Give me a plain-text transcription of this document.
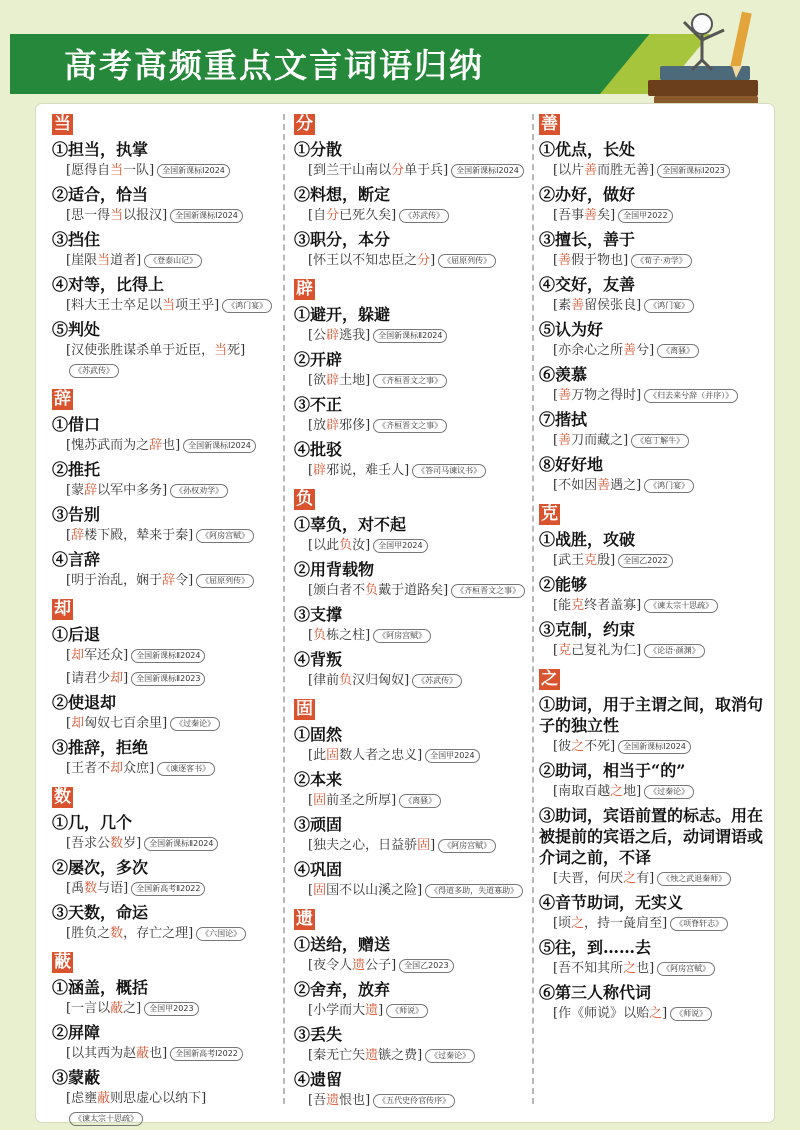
高考高频重点文言词语归纳
当
①担当，执掌
[愿得自当一队] 全国新课标Ⅰ2024
②适合，恰当
[思一得当以报汉] 全国新课标Ⅰ2024
③挡住
[崖限当道者] 《登泰山记》
④对等，比得上
[料大王士卒足以当项王乎] 《鸿门宴》
⑤判处
[汉使张胜谋杀单于近臣，当死]《苏武传》
辞
①借口
[愧苏武而为之辞也] 全国新课标Ⅰ2024
②推托
[蒙辞以军中多务] 《孙权劝学》
③告别
[辞楼下殿，辇来于秦] 《阿房宫赋》
④言辞
[明于治乱，娴于辞令] 《屈原列传》
却
①后退
[却军还众] 全国新课标Ⅱ2024
[请君少却] 全国新课标Ⅱ2023
②使退却
[却匈奴七百余里] 《过秦论》
③推辞，拒绝
[王者不却众庶] 《谏逐客书》
数
①几，几个
[吾求公数岁] 全国新课标Ⅱ2024
②屡次，多次
[禹数与语] 全国新高考Ⅱ2022
③天数，命运
[胜负之数，存亡之理] 《六国论》
蔽
①涵盖，概括
[一言以蔽之] 全国甲2023
②屏障
[以其西为赵蔽也] 全国新高考Ⅰ2022
③蒙蔽
[虑壅蔽则思虚心以纳下]《谏太宗十思疏》
分
①分散
[到兰干山南以分单于兵] 全国新课标Ⅰ2024
②料想，断定
[自分已死久矣] 《苏武传》
③职分，本分
[怀王以不知忠臣之分] 《屈原列传》
辟
①避开，躲避
[公辟逃我] 全国新课标Ⅱ2024
②开辟
[欲辟土地] 《齐桓晋文之事》
③不正
[放辟邪侈] 《齐桓晋文之事》
④批驳
[辟邪说，难壬人] 《答司马谏议书》
负
①辜负，对不起
[以此负汝] 全国甲2024
②用背载物
[颁白者不负戴于道路矣] 《齐桓晋文之事》
③支撑
[负栋之柱] 《阿房宫赋》
④背叛
[律前负汉归匈奴] 《苏武传》
固
①固然
[此固数人者之忠义] 全国甲2024
②本来
[固前圣之所厚] 《离骚》
③顽固
[独夫之心，日益骄固] 《阿房宫赋》
④巩固
[固国不以山溪之险] 《得道多助，失道寡助》
遗
①送给，赠送
[夜令人遗公子] 全国乙2023
②舍弃，放弃
[小学而大遗] 《师说》
③丢失
[秦无亡矢遗镞之费] 《过秦论》
④遗留
[吾遗恨也] 《五代史伶官传序》
善
①优点，长处
[以片善而胜无善] 全国新课标Ⅰ2023
②办好，做好
[吾事善矣] 全国甲2022
③擅长，善于
[善假于物也] 《荀子·劝学》
④交好，友善
[素善留侯张良] 《鸿门宴》
⑤认为好
[亦余心之所善兮] 《离骚》
⑥羡慕
[善万物之得时] 《归去来兮辞（并序）》
⑦揩拭
[善刀而藏之] 《庖丁解牛》
⑧好好地
[不如因善遇之] 《鸿门宴》
克
①战胜，攻破
[武王克殷] 全国乙2022
②能够
[能克终者盖寡] 《谏太宗十思疏》
③克制，约束
[克己复礼为仁] 《论语·颜渊》
之
①助词，用于主谓之间，取消句子的独立性
[彼之不死] 全国新课标Ⅰ2024
②助词，相当于“的”
[南取百越之地] 《过秦论》
③助词，宾语前置的标志。用在被提前的宾语之后，动词谓语或介词之前，不译
[夫晋，何厌之有] 《烛之武退秦师》
④音节助词，无实义
[顷之，持一彘肩至] 《项脊轩志》
⑤往，到……去
[吾不知其所之也] 《阿房宫赋》
⑥第三人称代词
[作《师说》以贻之] 《师说》
